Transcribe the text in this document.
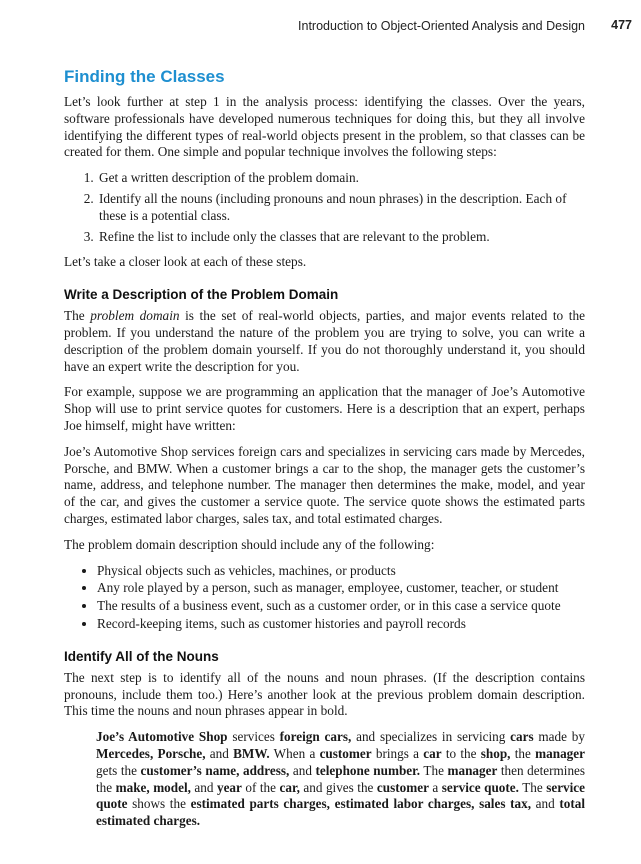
Introduction to Object-Oriented Analysis and Design 477
Finding the Classes

Let’s look further at step 1 in the analysis process: identifying the classes. Over the years, software professionals have developed numerous techniques for doing this, but they all involve identifying the different types of real-world objects present in the problem, so that classes can be created for them. One simple and popular technique involves the following steps:

1. Get a written description of the problem domain.
2. Identify all the nouns (including pronouns and noun phrases) in the description. Each of these is a potential class.
3. Refine the list to include only the classes that are relevant to the problem.

Let’s take a closer look at each of these steps.

Write a Description of the Problem Domain

The problem domain is the set of real-world objects, parties, and major events related to the problem. If you understand the nature of the problem you are trying to solve, you can write a description of the problem domain yourself. If you do not thoroughly understand it, you should have an expert write the description for you.

For example, suppose we are programming an application that the manager of Joe’s Automotive Shop will use to print service quotes for customers. Here is a description that an expert, perhaps Joe himself, might have written:

Joe’s Automotive Shop services foreign cars and specializes in servicing cars made by Mercedes, Porsche, and BMW. When a customer brings a car to the shop, the manager gets the customer’s name, address, and telephone number. The manager then determines the make, model, and year of the car, and gives the customer a service quote. The service quote shows the estimated parts charges, estimated labor charges, sales tax, and total estimated charges.

The problem domain description should include any of the following:

• Physical objects such as vehicles, machines, or products
• Any role played by a person, such as manager, employee, customer, teacher, or student
• The results of a business event, such as a customer order, or in this case a service quote
• Record-keeping items, such as customer histories and payroll records
Identify All of the Nouns

The next step is to identify all of the nouns and noun phrases. (If the description contains pronouns, include them too.) Here’s another look at the previous problem domain description. This time the nouns and noun phrases appear in bold.

Joe’s Automotive Shop services foreign cars, and specializes in servicing cars made by Mercedes, Porsche, and BMW. When a customer brings a car to the shop, the manager gets the customer’s name, address, and telephone number. The manager then determines the make, model, and year of the car, and gives the customer a service quote. The service quote shows the estimated parts charges, estimated labor charges, sales tax, and total estimated charges.
